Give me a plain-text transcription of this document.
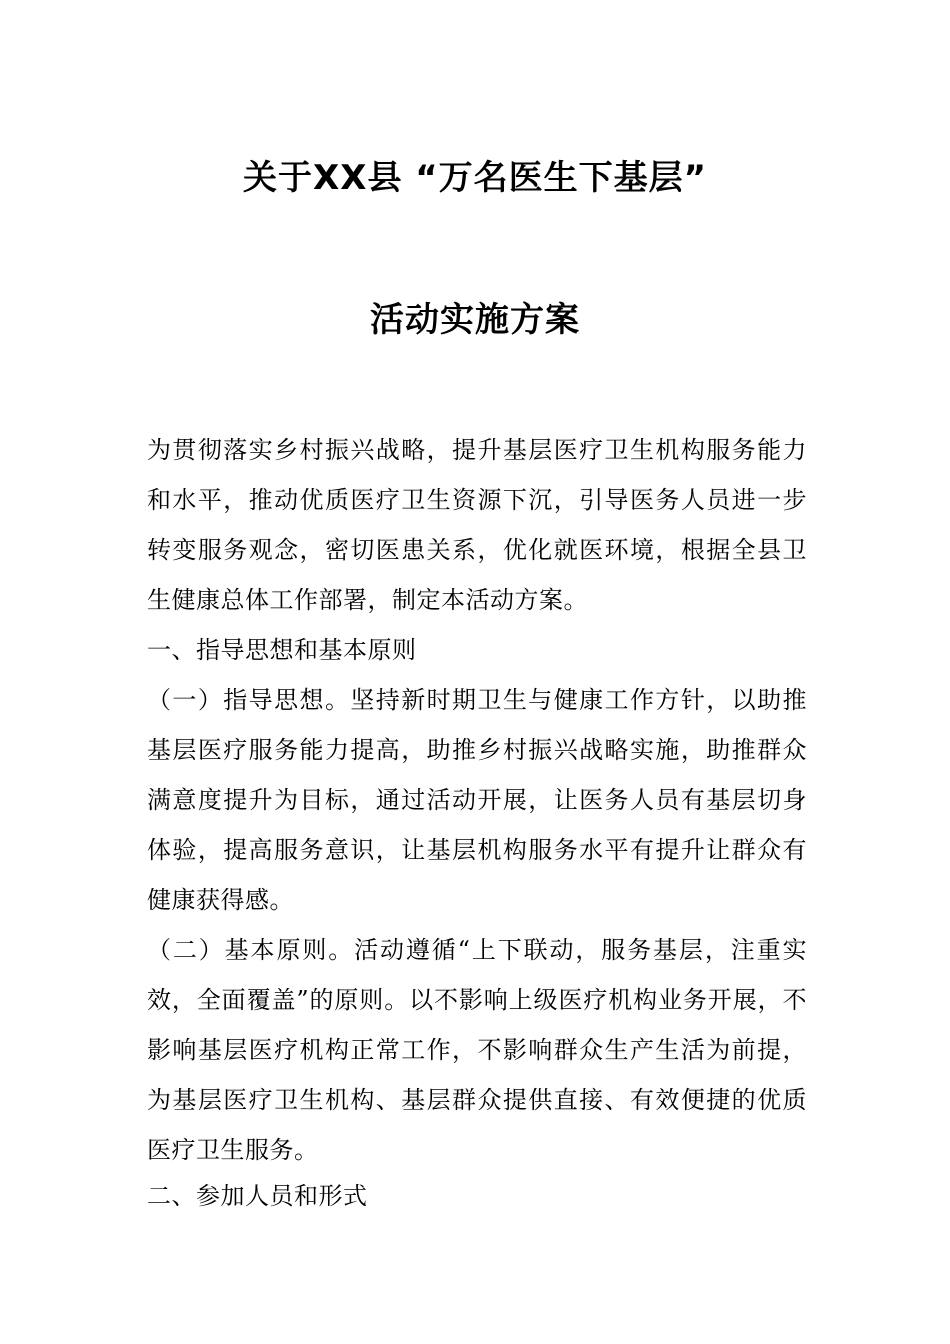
关于XX县 “万名医生下基层”
活动实施方案
为贯彻落实乡村振兴战略，提升基层医疗卫生机构服务能力和水平，推动优质医疗卫生资源下沉，引导医务人员进一步转变服务观念，密切医患关系，优化就医环境，根据全县卫生健康总体工作部署，制定本活动方案。
一、指导思想和基本原则
（一）指导思想。坚持新时期卫生与健康工作方针，以助推基层医疗服务能力提高，助推乡村振兴战略实施，助推群众满意度提升为目标，通过活动开展，让医务人员有基层切身体验，提高服务意识，让基层机构服务水平有提升让群众有健康获得感。
（二）基本原则。活动遵循“上下联动，服务基层，注重实效，全面覆盖”的原则。以不影响上级医疗机构业务开展，不影响基层医疗机构正常工作，不影响群众生产生活为前提，为基层医疗卫生机构、基层群众提供直接、有效便捷的优质医疗卫生服务。
二、参加人员和形式
